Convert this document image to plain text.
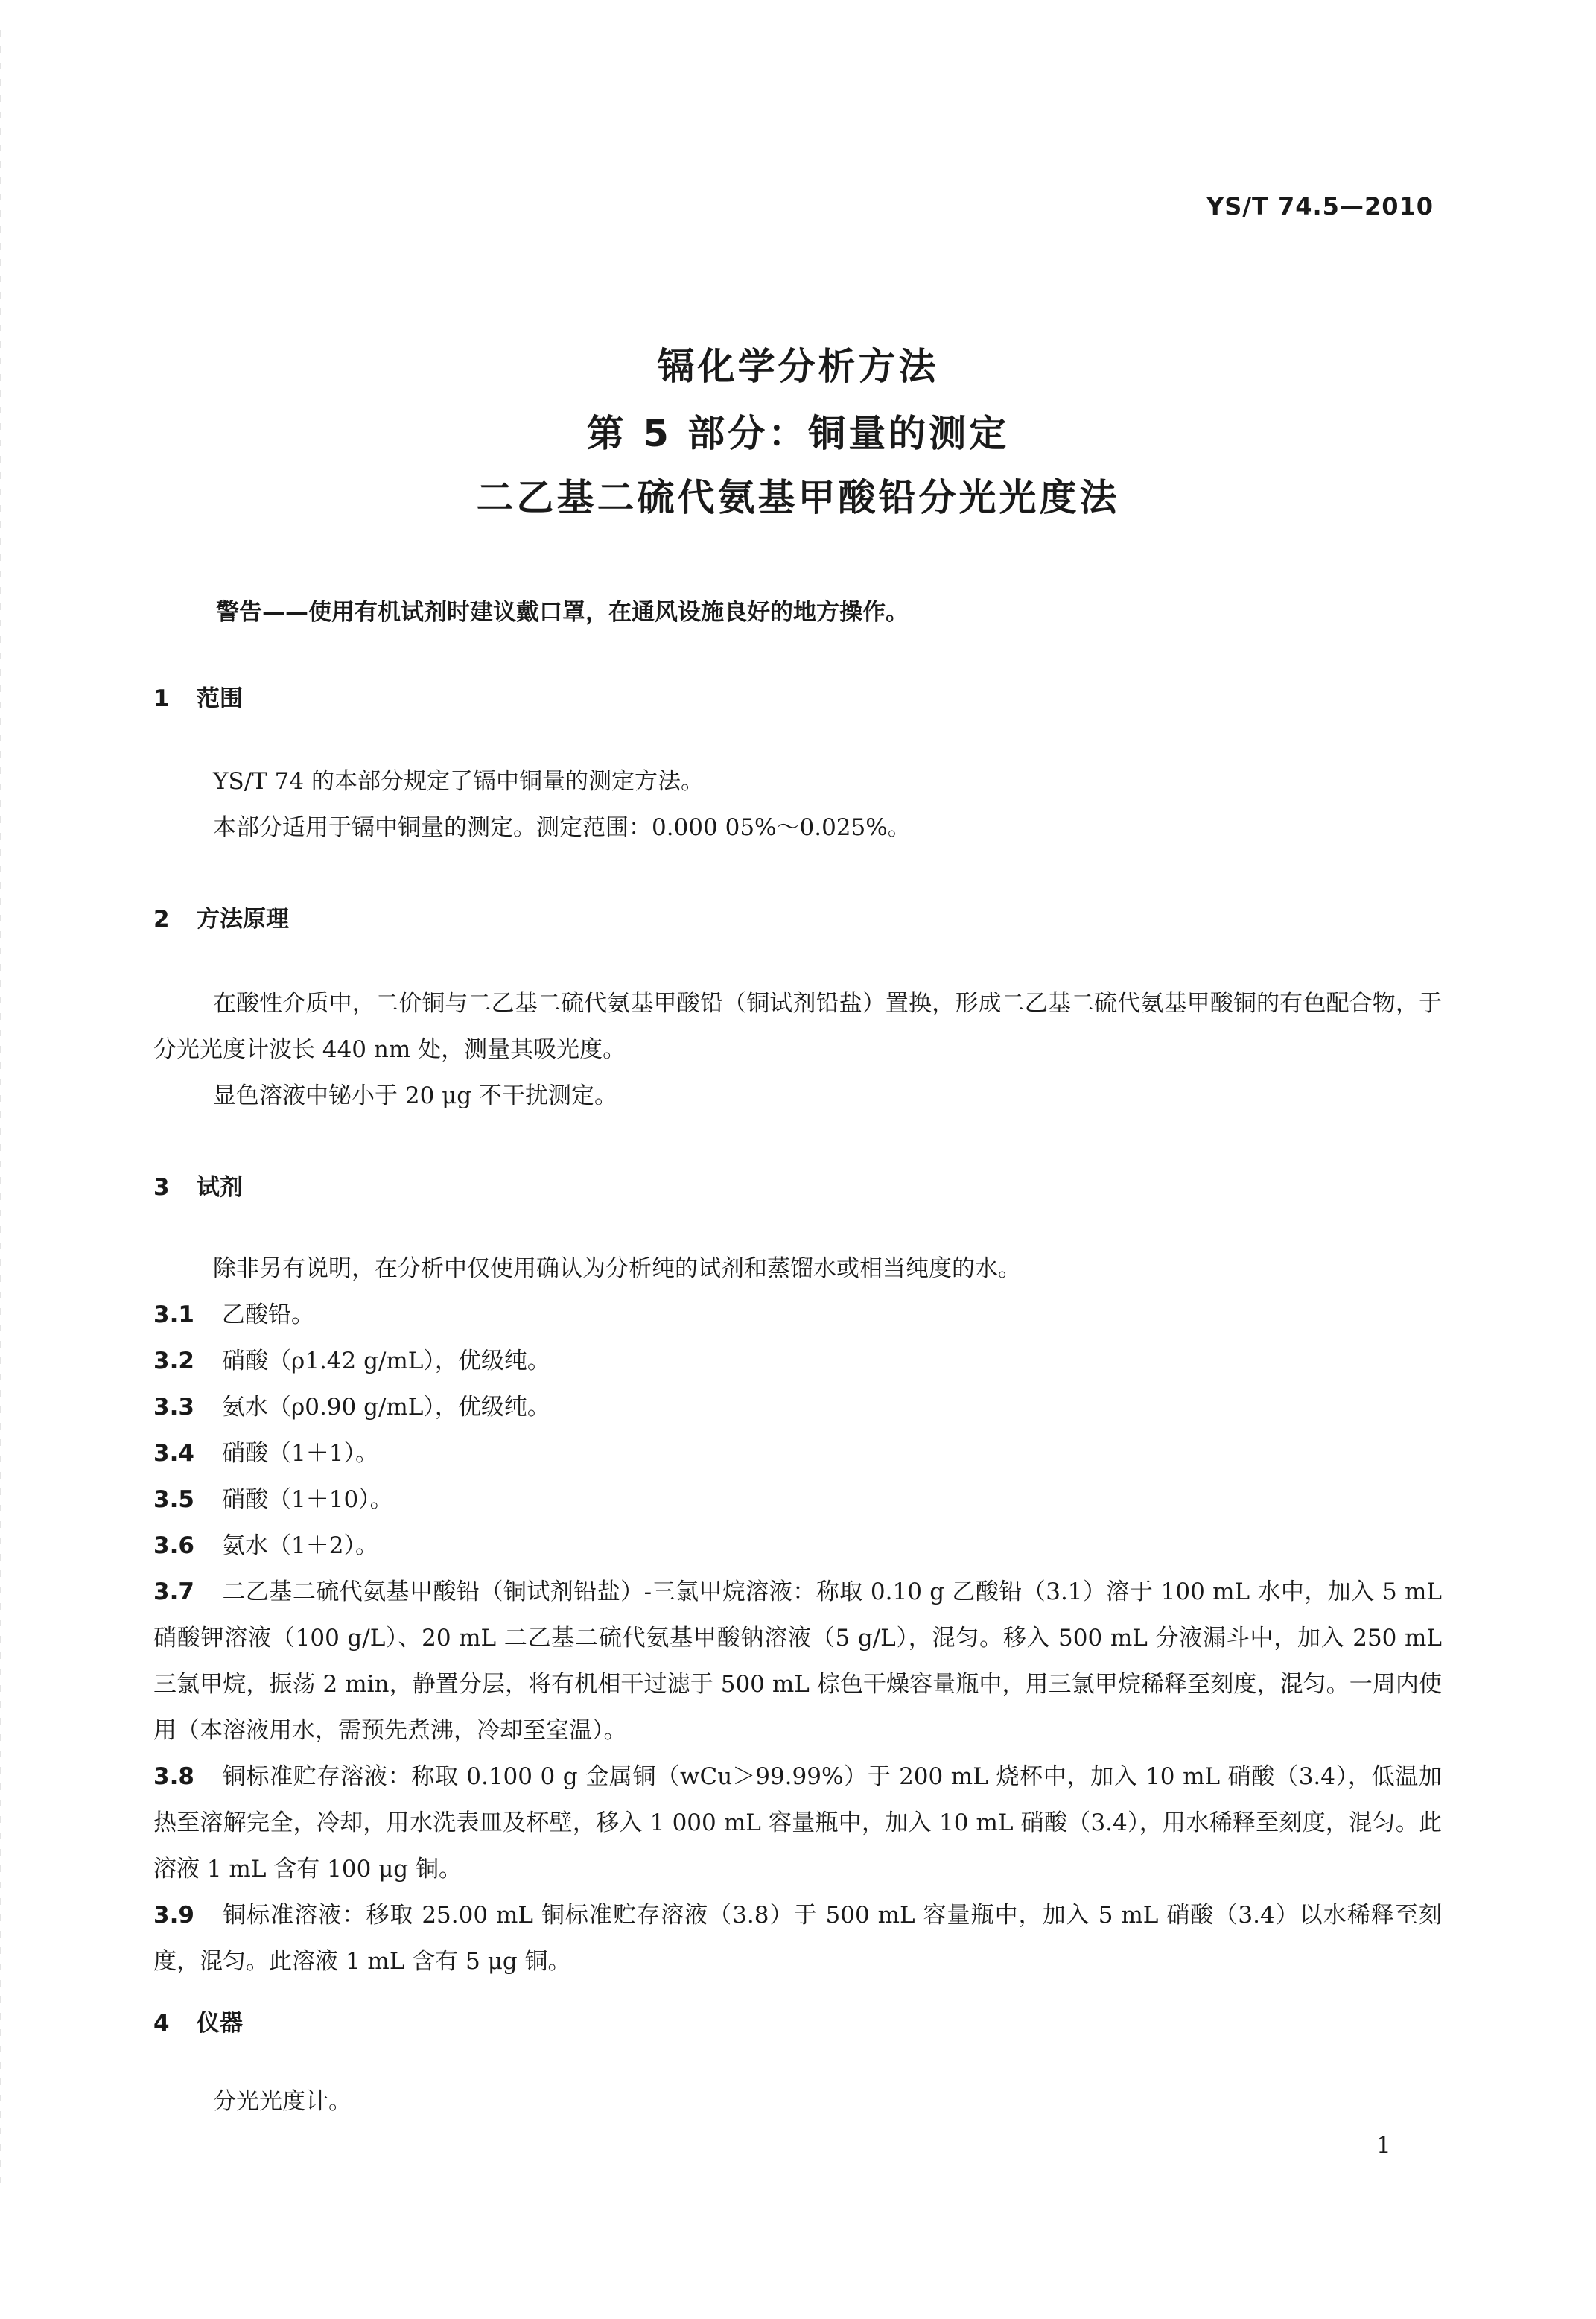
YS/T 74.5—2010
镉化学分析方法
第 5 部分：铜量的测定
二乙基二硫代氨基甲酸铅分光光度法
警告——使用有机试剂时建议戴口罩，在通风设施良好的地方操作。
1 范围
YS/T 74 的本部分规定了镉中铜量的测定方法。
本部分适用于镉中铜量的测定。测定范围：0.000 05%～0.025%。
2 方法原理
在酸性介质中，二价铜与二乙基二硫代氨基甲酸铅（铜试剂铅盐）置换，形成二乙基二硫代氨基甲酸铜的有色配合物，于分光光度计波长 440 nm 处，测量其吸光度。
显色溶液中铋小于 20 μg 不干扰测定。
3 试剂
除非另有说明，在分析中仅使用确认为分析纯的试剂和蒸馏水或相当纯度的水。
3.1 乙酸铅。
3.2 硝酸（ρ1.42 g/mL），优级纯。
3.3 氨水（ρ0.90 g/mL），优级纯。
3.4 硝酸（1＋1）。
3.5 硝酸（1＋10）。
3.6 氨水（1＋2）。
3.7 二乙基二硫代氨基甲酸铅（铜试剂铅盐）-三氯甲烷溶液：称取 0.10 g 乙酸铅（3.1）溶于 100 mL 水中，加入 5 mL 硝酸钾溶液（100 g/L）、20 mL 二乙基二硫代氨基甲酸钠溶液（5 g/L），混匀。移入 500 mL 分液漏斗中，加入 250 mL 三氯甲烷，振荡 2 min，静置分层，将有机相干过滤于 500 mL 棕色干燥容量瓶中，用三氯甲烷稀释至刻度，混匀。一周内使用（本溶液用水，需预先煮沸，冷却至室温）。
3.8 铜标准贮存溶液：称取 0.100 0 g 金属铜（wCu＞99.99%）于 200 mL 烧杯中，加入 10 mL 硝酸（3.4），低温加热至溶解完全，冷却，用水洗表皿及杯壁，移入 1 000 mL 容量瓶中，加入 10 mL 硝酸（3.4），用水稀释至刻度，混匀。此溶液 1 mL 含有 100 μg 铜。
3.9 铜标准溶液：移取 25.00 mL 铜标准贮存溶液（3.8）于 500 mL 容量瓶中，加入 5 mL 硝酸（3.4）以水稀释至刻度，混匀。此溶液 1 mL 含有 5 μg 铜。
4 仪器
分光光度计。
1
